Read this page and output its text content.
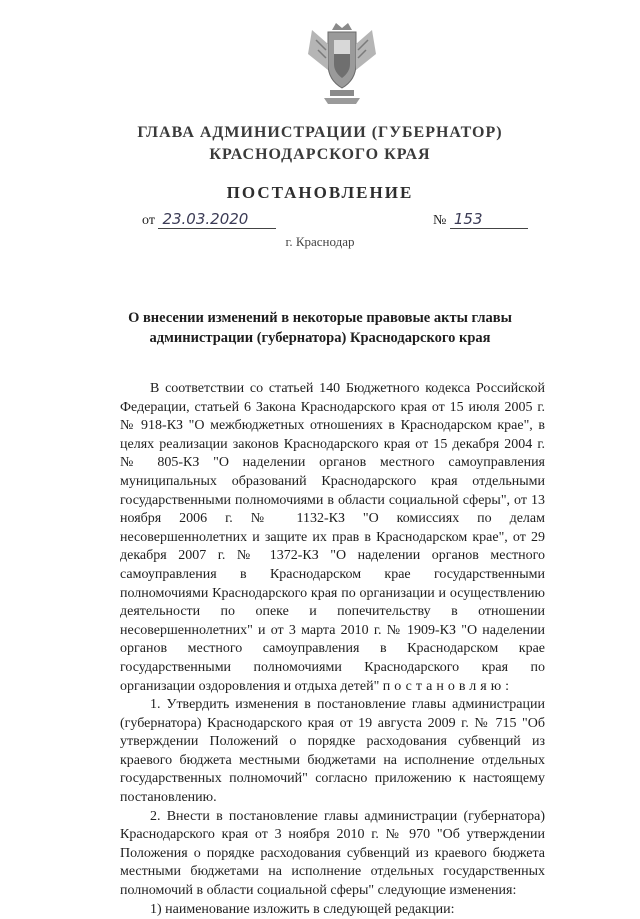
ГЛАВА АДМИНИСТРАЦИИ (ГУБЕРНАТОР)
КРАСНОДАРСКОГО КРАЯ
ПОСТАНОВЛЕНИЕ
от 23.03.2020	№ 153
г. Краснодар
О внесении изменений в некоторые правовые акты главы администрации (губернатора) Краснодарского края

В соответствии со статьей 140 Бюджетного кодекса Российской Федерации, статьей 6 Закона Краснодарского края от 15 июля 2005 г. № 918-КЗ "О межбюджетных отношениях в Краснодарском крае", в целях реализации законов Краснодарского края от 15 декабря 2004 г. № 805-КЗ "О наделении органов местного самоуправления муниципальных образований Краснодарского края отдельными государственными полномочиями в области социальной сферы", от 13 ноября 2006 г. № 1132-КЗ "О комиссиях по делам несовершеннолетних и защите их прав в Краснодарском крае", от 29 декабря 2007 г. № 1372-КЗ "О наделении органов местного самоуправления в Краснодарском крае государственными полномочиями Краснодарского края по организации и осуществлению деятельности по опеке и попечительству в отношении несовершеннолетних" и от 3 марта 2010 г. № 1909-КЗ "О наделении органов местного самоуправления в Краснодарском крае государственными полномочиями Краснодарского края по организации оздоровления и отдыха детей" постановляю:

1. Утвердить изменения в постановление главы администрации (губернатора) Краснодарского края от 19 августа 2009 г. № 715 "Об утверждении Положений о порядке расходования субвенций из краевого бюджета местными бюджетами на исполнение отдельных государственных полномочий" согласно приложению к настоящему постановлению.

2. Внести в постановление главы администрации (губернатора) Краснодарского края от 3 ноября 2010 г. № 970 "Об утверждении Положения о порядке расходования субвенций из краевого бюджета местными бюджетами на исполнение отдельных государственных полномочий в области социальной сферы" следующие изменения:

1) наименование изложить в следующей редакции:
